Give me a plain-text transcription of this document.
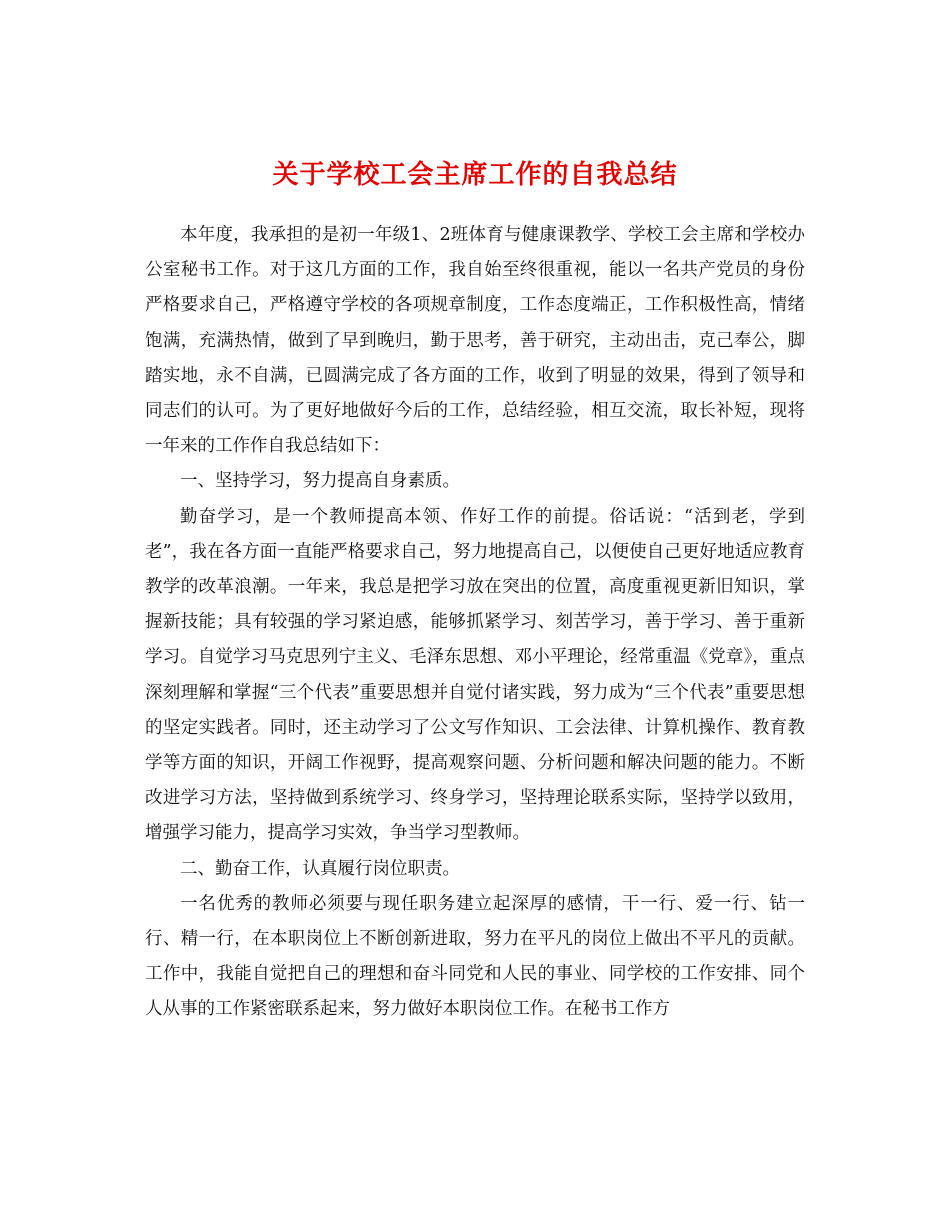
关于学校工会主席工作的自我总结

本年度，我承担的是初一年级1、2班体育与健康课教学、学校工会主席和学校办公室秘书工作。对于这几方面的工作，我自始至终很重视，能以一名共产党员的身份严格要求自己，严格遵守学校的各项规章制度，工作态度端正，工作积极性高，情绪饱满，充满热情，做到了早到晚归，勤于思考，善于研究，主动出击，克己奉公，脚踏实地，永不自满，已圆满完成了各方面的工作，收到了明显的效果，得到了领导和同志们的认可。为了更好地做好今后的工作，总结经验，相互交流，取长补短，现将一年来的工作作自我总结如下：

一、坚持学习，努力提高自身素质。

勤奋学习，是一个教师提高本领、作好工作的前提。俗话说：“活到老，学到老”，我在各方面一直能严格要求自己，努力地提高自己，以便使自己更好地适应教育教学的改革浪潮。一年来，我总是把学习放在突出的位置，高度重视更新旧知识，掌握新技能；具有较强的学习紧迫感，能够抓紧学习、刻苦学习，善于学习、善于重新学习。自觉学习马克思列宁主义、毛泽东思想、邓小平理论，经常重温《党章》，重点深刻理解和掌握“三个代表”重要思想并自觉付诸实践，努力成为“三个代表”重要思想的坚定实践者。同时，还主动学习了公文写作知识、工会法律、计算机操作、教育教学等方面的知识，开阔工作视野，提高观察问题、分析问题和解决问题的能力。不断改进学习方法，坚持做到系统学习、终身学习，坚持理论联系实际，坚持学以致用，增强学习能力，提高学习实效，争当学习型教师。

二、勤奋工作，认真履行岗位职责。

一名优秀的教师必须要与现任职务建立起深厚的感情，干一行、爱一行、钻一行、精一行，在本职岗位上不断创新进取，努力在平凡的岗位上做出不平凡的贡献。工作中，我能自觉把自己的理想和奋斗同党和人民的事业、同学校的工作安排、同个人从事的工作紧密联系起来，努力做好本职岗位工作。在秘书工作方
